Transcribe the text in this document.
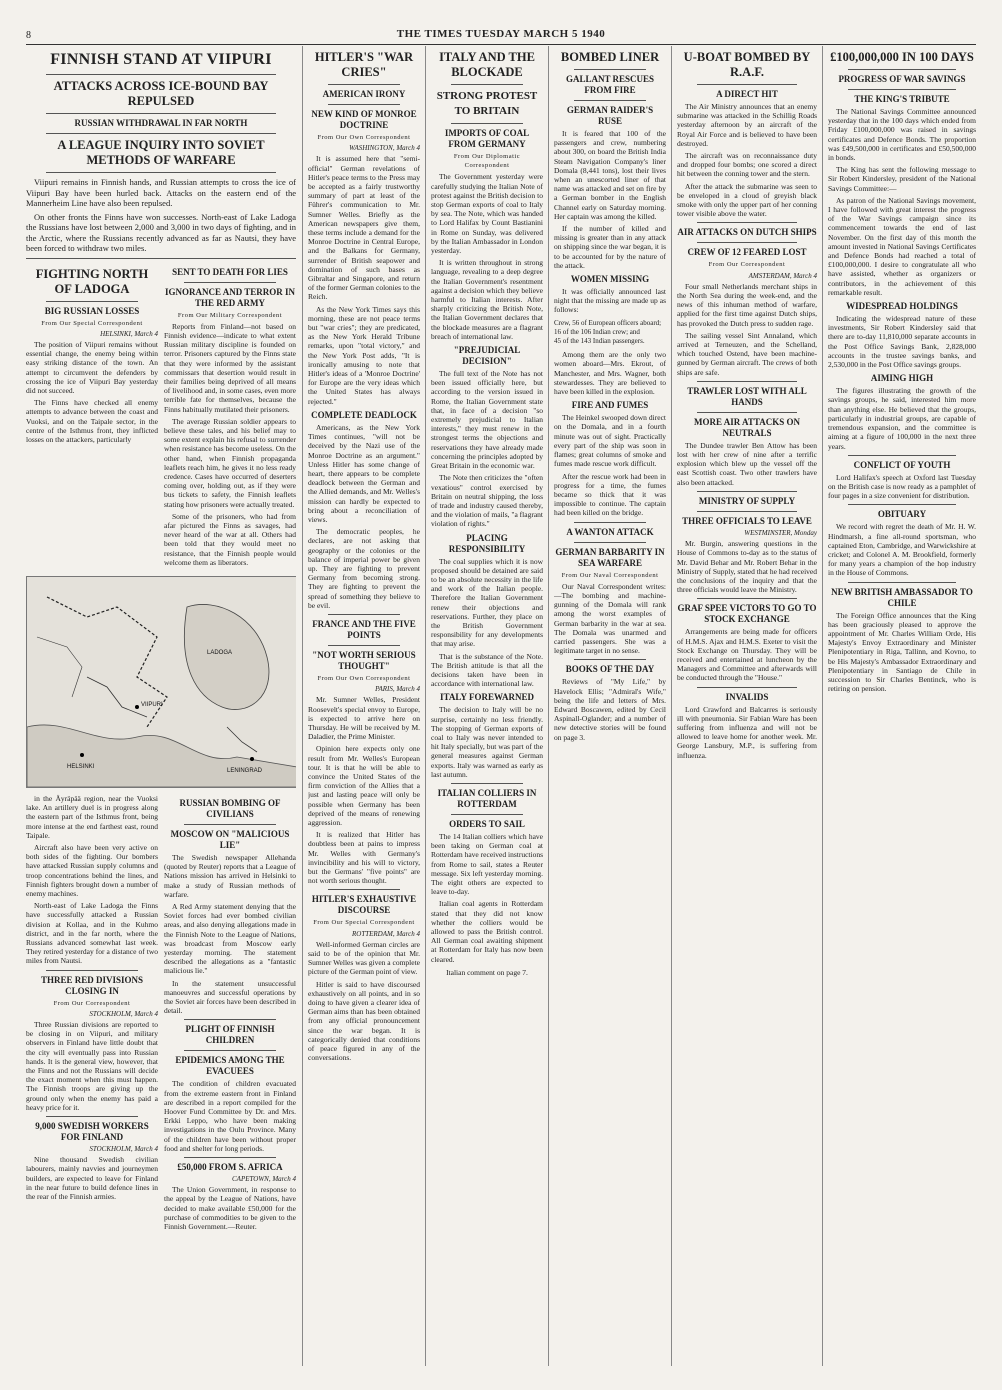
8	THE TIMES TUESDAY MARCH 5 1940
FINNISH STAND AT VIIPURI
ATTACKS ACROSS ICE-BOUND BAY REPULSED
RUSSIAN WITHDRAWAL IN FAR NORTH
A LEAGUE INQUIRY INTO SOVIET METHODS OF WARFARE

Viipuri remains in Finnish hands, and Russian attempts to cross the ice of Viipuri Bay have been hurled back. Attacks on the eastern end of the Mannerheim Line have also been repulsed.

On other fronts the Finns have won successes. North-east of Lake Ladoga the Russians have lost between 2,000 and 3,000 in two days of fighting, and in the Arctic, where the Russians recently advanced as far as Nautsi, they have been forced to withdraw two miles.

FIGHTING NORTH OF LADOGA
BIG RUSSIAN LOSSES
From Our Special Correspondent
HELSINKI, March 4

The position of Viipuri remains without essential change, the enemy being within easy striking distance of the town. An attempt to circumvent the defenders by crossing the ice of Viipuri Bay yesterday did not succeed.

The Finns have checked all enemy attempts to advance between the coast and Vuoksi, and on the Taipale sector, in the centre of the Isthmus front, they inflicted losses on the attackers, particularly

SENT TO DEATH FOR LIES
IGNORANCE AND TERROR IN THE RED ARMY
From Our Military Correspondent

Reports from Finland—not based on Finnish evidence—indicate to what extent Russian military discipline is founded on terror. Prisoners captured by the Finns state that they were informed by the assistant commissars that desertion would result in their families being deprived of all means of livelihood and, in some cases, even more terrible fate for themselves, because the Finns habitually mutilated their prisoners.

The average Russian soldier appears to believe these tales, and his belief may to some extent explain his refusal to surrender when resistance has become useless. On the other hand, when Finnish propaganda leaflets reach him, he gives it no less ready credence. Cases have occurred of deserters coming over, holding out, as if they were bus tickets to safety, the Finnish leaflets stating how prisoners were actually treated.

Some of the prisoners, who had from afar pictured the Finns as savages, had never heard of the war at all. Others had been told that they would meet no resistance, that the Finnish people would welcome them as liberators.

LENINGRAD
HELSINKI
VIIPURI
LADOGA

in the Äyräpää region, near the Vuoksi lake. An artillery duel is in progress along the eastern part of the Isthmus front, being more intense at the end farthest east, round Taipale.

Aircraft also have been very active on both sides of the fighting. Our bombers have attacked Russian supply columns and troop concentrations behind the lines, and Finnish fighters brought down a number of enemy machines.

North-east of Lake Ladoga the Finns have successfully attacked a Russian division at Kollaa, and in the Kuhmo district, and in the far north, where the Russians advanced somewhat last week. They retired yesterday for a distance of two miles from Nautsi.

THREE RED DIVISIONS CLOSING IN
From Our Correspondent
STOCKHOLM, March 4

Three Russian divisions are reported to be closing in on Viipuri, and military observers in Finland have little doubt that the city will eventually pass into Russian hands. It is the general view, however, that the Finns and not the Russians will decide the exact moment when this must happen. The Finnish troops are giving up the ground only when the enemy has paid a heavy price for it.

9,000 SWEDISH WORKERS FOR FINLAND
STOCKHOLM, March 4

Nine thousand Swedish civilian labourers, mainly navvies and journeymen builders, are expected to leave for Finland in the near future to build defence lines in the rear of the Finnish armies.

RUSSIAN BOMBING OF CIVILIANS
MOSCOW ON "MALICIOUS LIE"

The Swedish newspaper Allehanda (quoted by Reuter) reports that a League of Nations mission has arrived in Helsinki to make a study of Russian methods of warfare.

A Red Army statement denying that the Soviet forces had ever bombed civilian areas, and also denying allegations made in the Finnish Note to the League of Nations, was broadcast from Moscow early yesterday morning. The statement described the allegations as a "fantastic malicious lie."

In the statement unsuccessful manoeuvres and successful operations by the Soviet air forces have been described in detail.

PLIGHT OF FINNISH CHILDREN
EPIDEMICS AMONG THE EVACUEES

The condition of children evacuated from the extreme eastern front in Finland are described in a report compiled for the Hoover Fund Committee by Dr. and Mrs. Erkki Leppo, who have been making investigations in the Oulu Province. Many of the children have been without proper food and shelter for long periods.

£50,000 FROM S. AFRICA
CAPETOWN, March 4

The Union Government, in response to the appeal by the League of Nations, have decided to make available £50,000 for the purchase of commodities to be given to the Finnish Government.—Reuter.

HITLER'S "WAR CRIES"
AMERICAN IRONY
NEW KIND OF MONROE DOCTRINE
From Our Own Correspondent
WASHINGTON, March 4

It is assumed here that "semi-official" German revelations of Hitler's peace terms to the Press may be accepted as a fairly trustworthy summary of part at least of the Führer's communication to Mr. Sumner Welles. Briefly as the American newspapers give them, these terms include a demand for the Monroe Doctrine in Central Europe, and the Balkans for Germany, surrender of British seapower and domination of such bases as Gibraltar and Singapore, and return of the former German colonies to the Reich.

As the New York Times says this morning, these are not peace terms but "war cries"; they are predicated, as the New York Herald Tribune remarks, upon "total victory," and the New York Post adds, "It is ironically amusing to note that Hitler's ideas of a 'Monroe Doctrine' for Europe are the very ideas which the United States has always rejected."

COMPLETE DEADLOCK

Americans, as the New York Times continues, "will not be deceived by the Nazi use of the Monroe Doctrine as an argument." Unless Hitler has some change of heart, there appears to be complete deadlock between the German and the Allied demands, and Mr. Welles's mission can hardly be expected to bring about a reconciliation of views.

The democratic peoples, he declares, are not asking that geography or the colonies or the balance of imperial power be given up. They are fighting to prevent Germany from becoming strong. They are fighting to prevent the spread of something they believe to be evil.

FRANCE AND THE FIVE POINTS
"NOT WORTH SERIOUS THOUGHT"
From Our Own Correspondent
PARIS, March 4

Mr. Sumner Welles, President Roosevelt's special envoy to Europe, is expected to arrive here on Thursday. He will be received by M. Daladier, the Prime Minister.

Opinion here expects only one result from Mr. Welles's European tour. It is that he will be able to convince the United States of the firm conviction of the Allies that a just and lasting peace will only be possible when Germany has been deprived of the means of renewing aggression.

It is realized that Hitler has doubtless been at pains to impress Mr. Welles with Germany's invincibility and his will to victory, but the Germans' "five points" are not worth serious thought.

HITLER'S EXHAUSTIVE DISCOURSE
From Our Special Correspondent
ROTTERDAM, March 4

Well-informed German circles are said to be of the opinion that Mr. Sumner Welles was given a complete picture of the German point of view.

Hitler is said to have discoursed exhaustively on all points, and in so doing to have given a clearer idea of German aims than has been obtained from any official pronouncement since the war began. It is categorically denied that conditions of peace figured in any of the conversations.

ITALY AND THE BLOCKADE
STRONG PROTEST TO BRITAIN
IMPORTS OF COAL FROM GERMANY
From Our Diplomatic Correspondent

The Government yesterday were carefully studying the Italian Note of protest against the British decision to stop German exports of coal to Italy by sea. The Note, which was handed to Lord Halifax by Count Bastianini in Rome on Sunday, was delivered by the Italian Ambassador in London yesterday.

It is written throughout in strong language, revealing to a deep degree the Italian Government's resentment against a decision which they believe harmful to Italian interests. After sharply criticizing the British Note, the Italian Government declares that the blockade measures are a flagrant breach of international law.

"PREJUDICIAL DECISION"

The full text of the Note has not been issued officially here, but according to the version issued in Rome, the Italian Government state that, in face of a decision "so extremely prejudicial to Italian interests," they must renew in the strongest terms the objections and reservations they have already made concerning the principles adopted by Great Britain in the economic war.

The Note then criticizes the "often vexatious" control exercised by Britain on neutral shipping, the loss of trade and industry caused thereby, and the violation of mails, "a flagrant violation of rights."

PLACING RESPONSIBILITY

The coal supplies which it is now proposed should be detained are said to be an absolute necessity in the life and work of the Italian people. Therefore the Italian Government renew their objections and reservations. Further, they place on the British Government responsibility for any developments that may arise.

That is the substance of the Note. The British attitude is that all the decisions taken have been in accordance with international law.

ITALY FOREWARNED

The decision to Italy will be no surprise, certainly no less friendly. The stopping of German exports of coal to Italy was never intended to hit Italy specially, but was part of the general measures against German exports. Italy was warned as early as last autumn.

ITALIAN COLLIERS IN ROTTERDAM
ORDERS TO SAIL

The 14 Italian colliers which have been taking on German coal at Rotterdam have received instructions from Rome to sail, states a Reuter message. Six left yesterday morning. The eight others are expected to leave to-day.

Italian coal agents in Rotterdam stated that they did not know whether the colliers would be allowed to pass the British control. All German coal awaiting shipment at Rotterdam for Italy has now been cleared.

Italian comment on page 7.
BOMBED LINER
GALLANT RESCUES FROM FIRE
GERMAN RAIDER'S RUSE

It is feared that 100 of the passengers and crew, numbering about 300, on board the British India Steam Navigation Company's liner Domala (8,441 tons), lost their lives when an unescorted liner of that name was attacked and set on fire by a German bomber in the English Channel early on Saturday morning. Her captain was among the killed.

If the number of killed and missing is greater than in any attack on shipping since the war began, it is to be accounted for by the nature of the attack.

WOMEN MISSING

It was officially announced last night that the missing are made up as follows:

Crew, 56 of European officers aboard;
16 of the 106 Indian crew; and
45 of the 143 Indian passengers.

Among them are the only two women aboard—Mrs. Ekrout, of Manchester, and Mrs. Wagner, both stewardesses. They are believed to have been killed in the explosion.

FIRE AND FUMES

The Heinkel swooped down direct on the Domala, and in a fourth minute was out of sight. Practically every part of the ship was soon in flames; great columns of smoke and fumes made rescue work difficult.

After the rescue work had been in progress for a time, the fumes became so thick that it was impossible to continue. The captain had been killed on the bridge.

A WANTON ATTACK
GERMAN BARBARITY IN SEA WARFARE
From Our Naval Correspondent

Our Naval Correspondent writes:—The bombing and machine-gunning of the Domala will rank among the worst examples of German barbarity in the war at sea. The Domala was unarmed and carried passengers. She was a legitimate target in no sense.

BOOKS OF THE DAY

Reviews of "My Life," by Havelock Ellis; "Admiral's Wife," being the life and letters of Mrs. Edward Boscawen, edited by Cecil Aspinall-Oglander; and a number of new detective stories will be found on page 3.

U-BOAT BOMBED BY R.A.F.
A DIRECT HIT

The Air Ministry announces that an enemy submarine was attacked in the Schillig Roads yesterday afternoon by an aircraft of the Royal Air Force and is believed to have been destroyed.

The aircraft was on reconnaissance duty and dropped four bombs; one scored a direct hit between the conning tower and the stern.

After the attack the submarine was seen to be enveloped in a cloud of greyish black smoke with only the upper part of her conning tower visible above the water.

AIR ATTACKS ON DUTCH SHIPS
CREW OF 12 FEARED LOST
From Our Correspondent
AMSTERDAM, March 4

Four small Netherlands merchant ships in the North Sea during the week-end, and the news of this inhuman method of warfare, applied for the first time against Dutch ships, has provoked the Dutch press to sudden rage.

The sailing vessel Sint Annaland, which arrived at Terneuzen, and the Schelland, which touched Ostend, have been machine-gunned by German aircraft. The crews of both ships are safe.

TRAWLER LOST WITH ALL HANDS
MORE AIR ATTACKS ON NEUTRALS

The Dundee trawler Ben Attow has been lost with her crew of nine after a terrific explosion which blew up the vessel off the east Scottish coast. Two other trawlers have also been attacked.

MINISTRY OF SUPPLY
THREE OFFICIALS TO LEAVE
WESTMINSTER, Monday

Mr. Burgin, answering questions in the House of Commons to-day as to the status of Mr. David Behar and Mr. Robert Behar in the Ministry of Supply, stated that he had received the conclusions of the inquiry and that the three officials would leave the Ministry.

GRAF SPEE VICTORS TO GO TO STOCK EXCHANGE

Arrangements are being made for officers of H.M.S. Ajax and H.M.S. Exeter to visit the Stock Exchange on Thursday. They will be received and entertained at luncheon by the Managers and Committee and afterwards will be conducted through the "House."

INVALIDS

Lord Crawford and Balcarres is seriously ill with pneumonia. Sir Fabian Ware has been suffering from influenza and will not be allowed to leave home for another week. Mr. George Lansbury, M.P., is suffering from influenza.

£100,000,000 IN 100 DAYS
PROGRESS OF WAR SAVINGS
THE KING'S TRIBUTE

The National Savings Committee announced yesterday that in the 100 days which ended from Friday £100,000,000 was raised in savings certificates and Defence Bonds. The proportion was £49,500,000 in certificates and £50,500,000 in bonds.

The King has sent the following message to Sir Robert Kindersley, president of the National Savings Committee:—

As patron of the National Savings movement, I have followed with great interest the progress of the War Savings campaign since its commencement towards the end of last November. On the first day of this month the amount invested in National Savings Certificates and Defence Bonds had reached a total of £100,000,000. I desire to congratulate all who have assisted, whether as organizers or contributors, in the achievement of this remarkable result.

WIDESPREAD HOLDINGS

Indicating the widespread nature of these investments, Sir Robert Kindersley said that there are to-day 11,810,000 separate accounts in the Post Office Savings Bank, 2,828,000 accounts in the trustee savings banks, and 2,530,000 in the Post Office savings groups.

AIMING HIGH

The figures illustrating the growth of the savings groups, he said, interested him more than anything else. He believed that the groups, particularly in industrial groups, are capable of tremendous expansion, and the committee is aiming at a figure of 100,000 in the next three years.

CONFLICT OF YOUTH

Lord Halifax's speech at Oxford last Tuesday on the British case is now ready as a pamphlet of four pages in a size convenient for distribution.

OBITUARY

We record with regret the death of Mr. H. W. Hindmarsh, a fine all-round sportsman, who captained Eton, Cambridge, and Warwickshire at cricket; and Colonel A. M. Brookfield, formerly for many years a champion of the hop industry in the House of Commons.

NEW BRITISH AMBASSADOR TO CHILE

The Foreign Office announces that the King has been graciously pleased to approve the appointment of Mr. Charles William Orde, His Majesty's Envoy Extraordinary and Minister Plenipotentiary in Riga, Tallinn, and Kovno, to be His Majesty's Ambassador Extraordinary and Plenipotentiary in Santiago de Chile in succession to Sir Charles Bentinck, who is retiring on pension.
